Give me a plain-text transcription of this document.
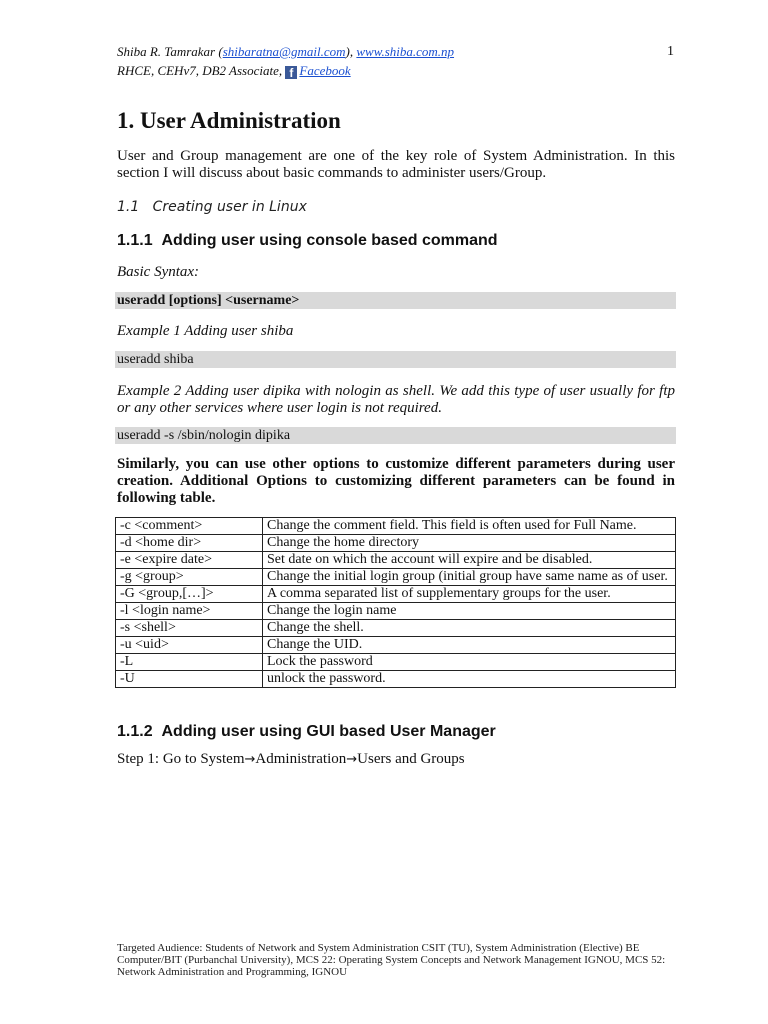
Shiba R. Tamrakar (shibaratna@gmail.com), www.shiba.com.np	1
RHCE, CEHv7, DB2 Associate, f Facebook
1. User Administration
User and Group management are one of the key role of System Administration. In this section I will discuss about basic commands to administer users/Group.
1.1 Creating user in Linux
1.1.1 Adding user using console based command
Basic Syntax:
useradd [options] <username>
Example 1 Adding user shiba
useradd shiba
Example 2 Adding user dipika with nologin as shell. We add this type of user usually for ftp or any other services where user login is not required.
useradd -s /sbin/nologin dipika
Similarly, you can use other options to customize different parameters during user creation. Additional Options to customizing different parameters can be found in following table.
-c <comment>	Change the comment field. This field is often used for Full Name.
-d <home dir>	Change the home directory
-e <expire date>	Set date on which the account will expire and be disabled.
-g <group>	Change the initial login group (initial group have same name as of user.
-G <group,[…]>	A comma separated list of supplementary groups for the user.
-l <login name>	Change the login name
-s <shell>	Change the shell.
-u <uid>	Change the UID.
-L	Lock the password
-U	unlock the password.
1.1.2 Adding user using GUI based User Manager
Step 1: Go to System→Administration→Users and Groups
Targeted Audience: Students of Network and System Administration CSIT (TU), System Administration (Elective) BE Computer/BIT (Purbanchal University), MCS 22: Operating System Concepts and Network Management IGNOU, MCS 52: Network Administration and Programming, IGNOU
